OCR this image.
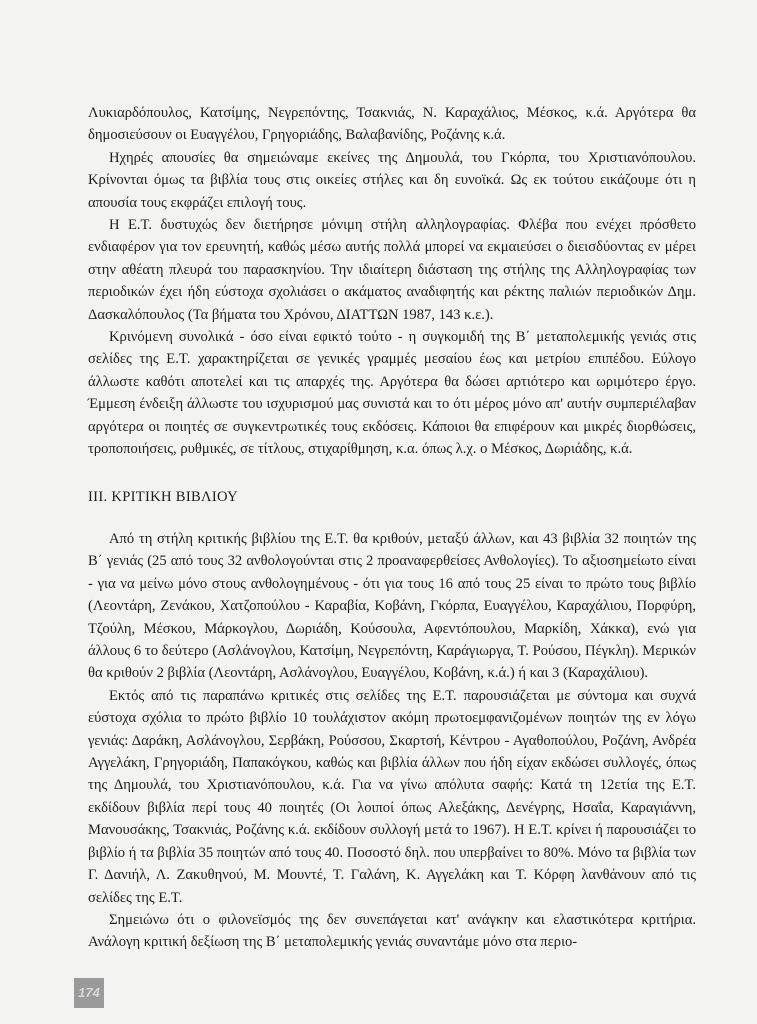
Λυκιαρδόπουλος, Κατσίμης, Νεγρεπόντης, Τσακνιάς, Ν. Καραχάλιος, Μέσκος, κ.ά. Αργότερα θα δημοσιεύσουν οι Ευαγγέλου, Γρηγοριάδης, Βαλαβανίδης, Ροζάνης κ.ά.

Ηχηρές απουσίες θα σημειώναμε εκείνες της Δημουλά, του Γκόρπα, του Χριστιανόπουλου. Κρίνονται όμως τα βιβλία τους στις οικείες στήλες και δη ευνοϊκά. Ως εκ τούτου εικάζουμε ότι η απουσία τους εκφράζει επιλογή τους.

Η Ε.Τ. δυστυχώς δεν διετήρησε μόνιμη στήλη αλληλογραφίας. Φλέβα που ενέχει πρόσθετο ενδιαφέρον για τον ερευνητή, καθώς μέσω αυτής πολλά μπορεί να εκμαιεύσει ο διεισδύοντας εν μέρει στην αθέατη πλευρά του παρασκηνίου. Την ιδιαίτερη διάσταση της στήλης της Αλληλογραφίας των περιοδικών έχει ήδη εύστοχα σχολιάσει ο ακάματος αναδιφητής και ρέκτης παλιών περιοδικών Δημ. Δασκαλόπουλος (Τα βήματα του Χρόνου, ΔΙΑΤΤΩΝ 1987, 143 κ.ε.).

Κρινόμενη συνολικά - όσο είναι εφικτό τούτο - η συγκομιδή της Β΄ μεταπολεμικής γενιάς στις σελίδες της Ε.Τ. χαρακτηρίζεται σε γενικές γραμμές μεσαίου έως και μετρίου επιπέδου. Εύλογο άλλωστε καθότι αποτελεί και τις απαρχές της. Αργότερα θα δώσει αρτιότερο και ωριμότερο έργο. Έμμεση ένδειξη άλλωστε του ισχυρισμού μας συνιστά και το ότι μέρος μόνο απ' αυτήν συμπεριέλαβαν αργότερα οι ποιητές σε συγκεντρωτικές τους εκδόσεις. Κάποιοι θα επιφέρουν και μικρές διορθώσεις, τροποποιήσεις, ρυθμικές, σε τίτλους, στιχαρίθμηση, κ.α. όπως λ.χ. ο Μέσκος, Δωριάδης, κ.ά.

ΙΙΙ. ΚΡΙΤΙΚΗ ΒΙΒΛΙΟΥ

Από τη στήλη κριτικής βιβλίου της Ε.Τ. θα κριθούν, μεταξύ άλλων, και 43 βιβλία 32 ποιητών της Β΄ γενιάς (25 από τους 32 ανθολογούνται στις 2 προαναφερθείσες Ανθολογίες). Το αξιοσημείωτο είναι - για να μείνω μόνο στους ανθολογημένους - ότι για τους 16 από τους 25 είναι το πρώτο τους βιβλίο (Λεοντάρη, Ζενάκου, Χατζοπούλου - Καραβία, Κοβάνη, Γκόρπα, Ευαγγέλου, Καραχάλιου, Πορφύρη, Τζούλη, Μέσκου, Μάρκογλου, Δωριάδη, Κούσουλα, Αφεντόπουλου, Μαρκίδη, Χάκκα), ενώ για άλλους 6 το δεύτερο (Ασλάνογλου, Κατσίμη, Νεγρεπόντη, Καράγιωργα, Τ. Ρούσου, Πέγκλη). Μερικών θα κριθούν 2 βιβλία (Λεοντάρη, Ασλάνογλου, Ευαγγέλου, Κοβάνη, κ.ά.) ή και 3 (Καραχάλιου).

Εκτός από τις παραπάνω κριτικές στις σελίδες της Ε.Τ. παρουσιάζεται με σύντομα και συχνά εύστοχα σχόλια το πρώτο βιβλίο 10 τουλάχιστον ακόμη πρωτοεμφανιζομένων ποιητών της εν λόγω γενιάς: Δαράκη, Ασλάνογλου, Σερβάκη, Ρούσσου, Σκαρτσή, Κέντρου - Αγαθοπούλου, Ροζάνη, Ανδρέα Αγγελάκη, Γρηγοριάδη, Παπακόγκου, καθώς και βιβλία άλλων που ήδη είχαν εκδώσει συλλογές, όπως της Δημουλά, του Χριστιανόπουλου, κ.ά. Για να γίνω απόλυτα σαφής: Κατά τη 12ετία της Ε.Τ. εκδίδουν βιβλία περί τους 40 ποιητές (Οι λοιποί όπως Αλεξάκης, Δενέγρης, Ησαΐα, Καραγιάννη, Μανουσάκης, Τσακνιάς, Ροζάνης κ.ά. εκδίδουν συλλογή μετά το 1967). Η Ε.Τ. κρίνει ή παρουσιάζει το βιβλίο ή τα βιβλία 35 ποιητών από τους 40. Ποσοστό δηλ. που υπερβαίνει το 80%. Μόνο τα βιβλία των Γ. Δανιήλ, Λ. Ζακυθηνού, Μ. Μουντέ, Τ. Γαλάνη, Κ. Αγγελάκη και Τ. Κόρφη λανθάνουν από τις σελίδες της Ε.Τ.

Σημειώνω ότι ο φιλονεϊσμός της δεν συνεπάγεται κατ' ανάγκην και ελαστικότερα κριτήρια. Ανάλογη κριτική δεξίωση της Β΄ μεταπολεμικής γενιάς συναντάμε μόνο στα περιο-

174
